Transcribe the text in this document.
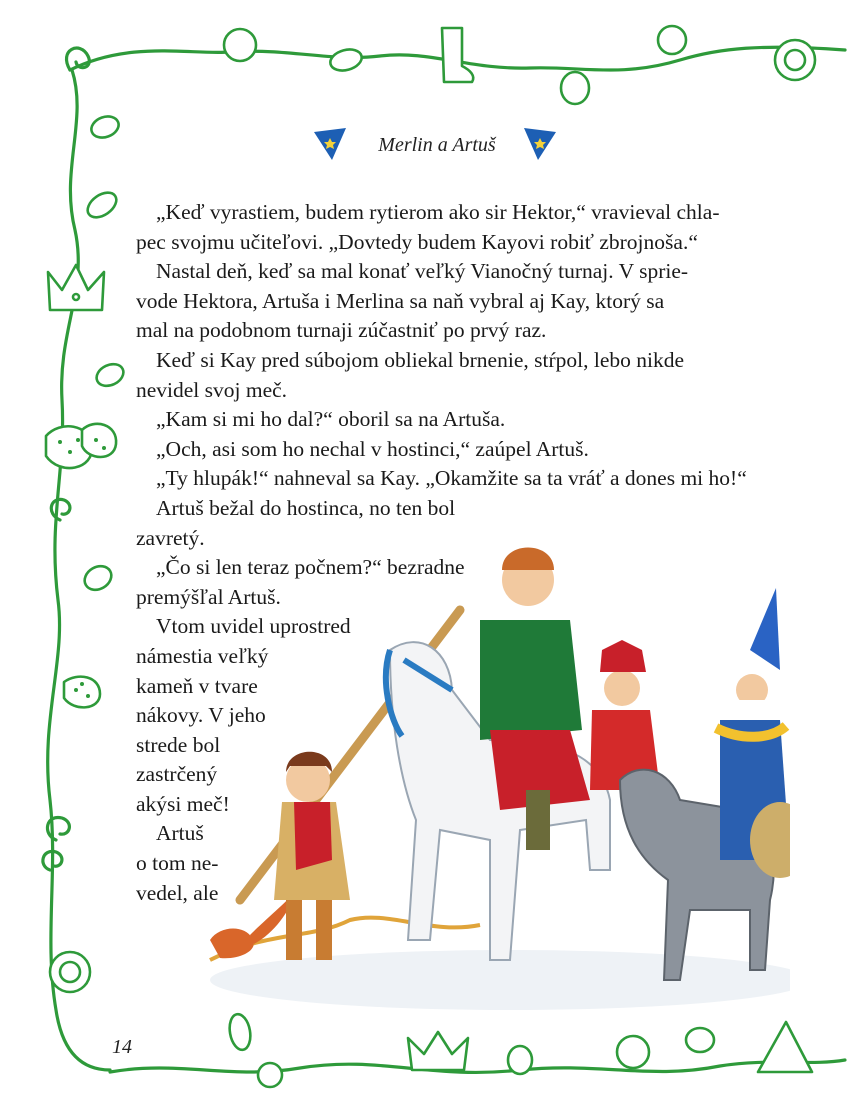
Merlin a Artuš
„Keď vyrastiem, budem rytierom ako sir Hektor,“ vravieval chla-
pec svojmu učiteľovi. „Dovtedy budem Kayovi robiť zbrojnoša.“
Nastal deň, keď sa mal konať veľký Vianočný turnaj. V sprie-
vode Hektora, Artuša i Merlina sa naň vybral aj Kay, ktorý sa
mal na podobnom turnaji zúčastniť po prvý raz.
Keď si Kay pred súbojom obliekal brnenie, stŕpol, lebo nikde
nevidel svoj meč.
„Kam si mi ho dal?“ oboril sa na Artuša.
„Och, asi som ho nechal v hostinci,“ zaúpel Artuš.
„Ty hlupák!“ nahneval sa Kay. „Okamžite sa ta vráť a dones mi ho!“
Artuš bežal do hostinca, no ten bol
zavretý.
„Čo si len teraz počnem?“ bezradne
premýšľal Artuš.
Vtom uvidel uprostred
námestia veľký
kameň v tvare
nákovy. V jeho
strede bol
zastrčený
akýsi meč!
Artuš
o tom ne-
vedel, ale
14
